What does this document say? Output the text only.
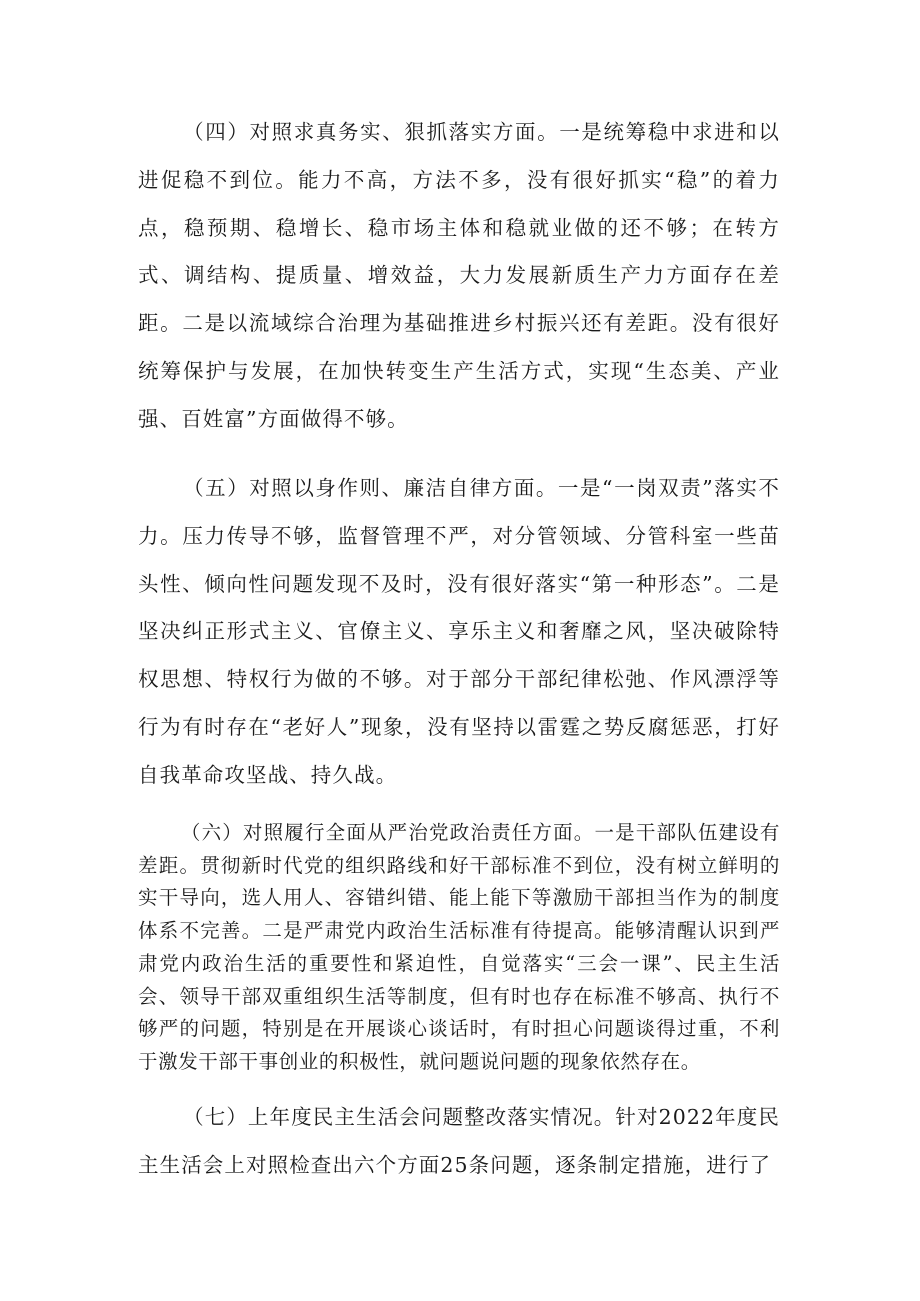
（四）对照求真务实、狠抓落实方面。一是统筹稳中求进和以进促稳不到位。能力不高，方法不多，没有很好抓实“稳”的着力点，稳预期、稳增长、稳市场主体和稳就业做的还不够；在转方式、调结构、提质量、增效益，大力发展新质生产力方面存在差距。二是以流域综合治理为基础推进乡村振兴还有差距。没有很好统筹保护与发展，在加快转变生产生活方式，实现“生态美、产业强、百姓富”方面做得不够。

（五）对照以身作则、廉洁自律方面。一是“一岗双责”落实不力。压力传导不够，监督管理不严，对分管领域、分管科室一些苗头性、倾向性问题发现不及时，没有很好落实“第一种形态”。二是坚决纠正形式主义、官僚主义、享乐主义和奢靡之风，坚决破除特权思想、特权行为做的不够。对于部分干部纪律松弛、作风漂浮等行为有时存在“老好人”现象，没有坚持以雷霆之势反腐惩恶，打好自我革命攻坚战、持久战。

（六）对照履行全面从严治党政治责任方面。一是干部队伍建设有差距。贯彻新时代党的组织路线和好干部标准不到位，没有树立鲜明的实干导向，选人用人、容错纠错、能上能下等激励干部担当作为的制度体系不完善。二是严肃党内政治生活标准有待提高。能够清醒认识到严肃党内政治生活的重要性和紧迫性，自觉落实“三会一课”、民主生活会、领导干部双重组织生活等制度，但有时也存在标准不够高、执行不够严的问题，特别是在开展谈心谈话时，有时担心问题谈得过重，不利于激发干部干事创业的积极性，就问题说问题的现象依然存在。

（七）上年度民主生活会问题整改落实情况。针对2022年度民主生活会上对照检查出六个方面25条问题，逐条制定措施，进行了
